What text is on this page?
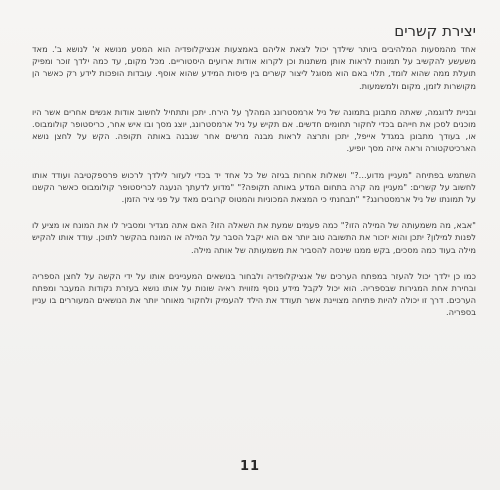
יצירת קשרים

אחד מהמסעות המלהיבים ביותר שילדך יכול לצאת אליהם באמצעות אנציקלופדיה הוא המסע מנושא א' לנושא ב'. מאד משעשע להקשיב על תמונות לראות אותן משתנות וכן לקרוא אודות ארועים היסטוריים. מכל מקום, עד כמה ילדך זוכר ומפיק תועלת ממה שהוא לומד, תלוי באם הוא מסוגל ליצור קשרים בין פיסות המידע שהוא אוסף. עובדות הופכות לידע רק כאשר הן מקושרות לזמן, מקום ולמשמעות.

ובניית לדוגמה, שאתה מתבונן בתמונה של ניל ארמסטרונג המהלך על הירח. יתכן ותתחיל לחשוב אודות אנשים אחרים אשר היו מוכנים לסכן את חייהם בכדי לחקור תחומים חדשים. אם תקיש על ניל ארמסטרונג, יוצג מסך ובו איש אחר, כריסטופר קולומבוס. או, בעודך מתבונן במגדל אייפל, יתכן ותרצה לראות מבנה מרשים אחר שנבנה באותה תקופה. הקש על לחצן נושא הארכיטקטורה וראה איזה מסך יופיע.

השתמש בפתיחה "מעניין מדוע...?" ושאלות אחרות בגיזה של כל אחד יד בכדי לעזור לילדך לרכוש פרספקטיבה ועודד אותו לחשוב על קשרים: "מעניין מה קרה בתחום המדע באותה תקופה?" "מדוע לדעתך הנעגה לכריסטופר קולומבוס כאשר הקשנו על תמונתו של ניל ארמסטרונג?" "תבחנתי כי המצאת המכוניות והמטוס קרובים מאד על פני ציר הזמן.

"אבא, מה משמעותה של המילה הזו?" כמה פעמים שמעת את השאלה הזו? האם אתה מגדיר ומסביר לו את המונח או מציע לו לפנות למילון? יתכן והוא יזכור את התשובה טוב יותר אם הוא יקבל הסבר על המילה או המונח בהקשר לתוכן. עודד אותו להקיש מילה בעוד כמה מסכים, בקש ממנו שינסה להסביר את משמעותה של אותה מילה.

כמו כן ילדך יכול להעזר במפתח הערכים של אנציקלופדיה ולבחור בנושאים המעניינים אותו על ידי הקשה על לחצן הספריה ובחירת אחת המגירות שבספריה. הוא יכול לקבל מידע נוסף מזווית ראיה שונות על אותו נושא בעזרת נקודות המעבר ומפתח הערכים. דרך זו יכולה להיות פתיחה מצויינת אשר תעודד את הילד להעמיק ולחקור מאוחר יותר את הנושאים המעוררים בו עניין בספריה.

11
